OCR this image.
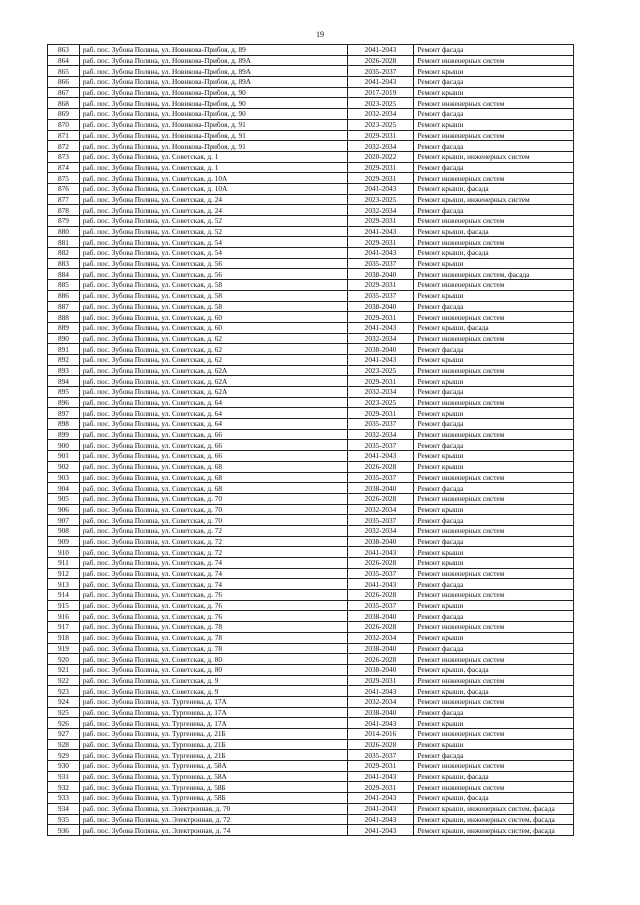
19
863	раб. пос. Зубова Поляна, ул. Новикова-Прибоя, д. 89	2041-2043	Ремонт фасада
864	раб. пос. Зубова Поляна, ул. Новикова-Прибоя, д. 89А	2026-2028	Ремонт инженерных систем
865	раб. пос. Зубова Поляна, ул. Новикова-Прибоя, д. 89А	2035-2037	Ремонт крыши
866	раб. пос. Зубова Поляна, ул. Новикова-Прибоя, д. 89А	2041-2043	Ремонт фасада
867	раб. пос. Зубова Поляна, ул. Новикова-Прибоя, д. 90	2017-2019	Ремонт крыши
868	раб. пос. Зубова Поляна, ул. Новикова-Прибоя, д. 90	2023-2025	Ремонт инженерных систем
869	раб. пос. Зубова Поляна, ул. Новикова-Прибоя, д. 90	2032-2034	Ремонт фасада
870	раб. пос. Зубова Поляна, ул. Новикова-Прибоя, д. 91	2023-2025	Ремонт крыши
871	раб. пос. Зубова Поляна, ул. Новикова-Прибоя, д. 91	2029-2031	Ремонт инженерных систем
872	раб. пос. Зубова Поляна, ул. Новикова-Прибоя, д. 91	2032-2034	Ремонт фасада
873	раб. пос. Зубова Поляна, ул. Советская, д. 1	2020-2022	Ремонт крыши, инженерных систем
874	раб. пос. Зубова Поляна, ул. Советская, д. 1	2029-2031	Ремонт фасада
875	раб. пос. Зубова Поляна, ул. Советская, д. 10А	2029-2031	Ремонт инженерных систем
876	раб. пос. Зубова Поляна, ул. Советская, д. 10А	2041-2043	Ремонт крыши, фасада
877	раб. пос. Зубова Поляна, ул. Советская, д. 24	2023-2025	Ремонт крыши, инженерных систем
878	раб. пос. Зубова Поляна, ул. Советская, д. 24	2032-2034	Ремонт фасада
879	раб. пос. Зубова Поляна, ул. Советская, д. 52	2029-2031	Ремонт инженерных систем
880	раб. пос. Зубова Поляна, ул. Советская, д. 52	2041-2043	Ремонт крыши, фасада
881	раб. пос. Зубова Поляна, ул. Советская, д. 54	2029-2031	Ремонт инженерных систем
882	раб. пос. Зубова Поляна, ул. Советская, д. 54	2041-2043	Ремонт крыши, фасада
883	раб. пос. Зубова Поляна, ул. Советская, д. 56	2035-2037	Ремонт крыши
884	раб. пос. Зубова Поляна, ул. Советская, д. 56	2038-2040	Ремонт инженерных систем, фасада
885	раб. пос. Зубова Поляна, ул. Советская, д. 58	2029-2031	Ремонт инженерных систем
886	раб. пос. Зубова Поляна, ул. Советская, д. 58	2035-2037	Ремонт крыши
887	раб. пос. Зубова Поляна, ул. Советская, д. 58	2038-2040	Ремонт фасада
888	раб. пос. Зубова Поляна, ул. Советская, д. 60	2029-2031	Ремонт инженерных систем
889	раб. пос. Зубова Поляна, ул. Советская, д. 60	2041-2043	Ремонт крыши, фасада
890	раб. пос. Зубова Поляна, ул. Советская, д. 62	2032-2034	Ремонт инженерных систем
891	раб. пос. Зубова Поляна, ул. Советская, д. 62	2038-2040	Ремонт фасада
892	раб. пос. Зубова Поляна, ул. Советская, д. 62	2041-2043	Ремонт крыши
893	раб. пос. Зубова Поляна, ул. Советская, д. 62А	2023-2025	Ремонт инженерных систем
894	раб. пос. Зубова Поляна, ул. Советская, д. 62А	2029-2031	Ремонт крыши
895	раб. пос. Зубова Поляна, ул. Советская, д. 62А	2032-2034	Ремонт фасада
896	раб. пос. Зубова Поляна, ул. Советская, д. 64	2023-2025	Ремонт инженерных систем
897	раб. пос. Зубова Поляна, ул. Советская, д. 64	2029-2031	Ремонт крыши
898	раб. пос. Зубова Поляна, ул. Советская, д. 64	2035-2037	Ремонт фасада
899	раб. пос. Зубова Поляна, ул. Советская, д. 66	2032-2034	Ремонт инженерных систем
900	раб. пос. Зубова Поляна, ул. Советская, д. 66	2035-2037	Ремонт фасада
901	раб. пос. Зубова Поляна, ул. Советская, д. 66	2041-2043	Ремонт крыши
902	раб. пос. Зубова Поляна, ул. Советская, д. 68	2026-2028	Ремонт крыши
903	раб. пос. Зубова Поляна, ул. Советская, д. 68	2035-2037	Ремонт инженерных систем
904	раб. пос. Зубова Поляна, ул. Советская, д. 68	2038-2040	Ремонт фасада
905	раб. пос. Зубова Поляна, ул. Советская, д. 70	2026-2028	Ремонт инженерных систем
906	раб. пос. Зубова Поляна, ул. Советская, д. 70	2032-2034	Ремонт крыши
907	раб. пос. Зубова Поляна, ул. Советская, д. 70	2035-2037	Ремонт фасада
908	раб. пос. Зубова Поляна, ул. Советская, д. 72	2032-2034	Ремонт инженерных систем
909	раб. пос. Зубова Поляна, ул. Советская, д. 72	2038-2040	Ремонт фасада
910	раб. пос. Зубова Поляна, ул. Советская, д. 72	2041-2043	Ремонт крыши
911	раб. пос. Зубова Поляна, ул. Советская, д. 74	2026-2028	Ремонт крыши
912	раб. пос. Зубова Поляна, ул. Советская, д. 74	2035-2037	Ремонт инженерных систем
913	раб. пос. Зубова Поляна, ул. Советская, д. 74	2041-2043	Ремонт фасада
914	раб. пос. Зубова Поляна, ул. Советская, д. 76	2026-2028	Ремонт инженерных систем
915	раб. пос. Зубова Поляна, ул. Советская, д. 76	2035-2037	Ремонт крыши
916	раб. пос. Зубова Поляна, ул. Советская, д. 76	2038-2040	Ремонт фасада
917	раб. пос. Зубова Поляна, ул. Советская, д. 78	2026-2028	Ремонт инженерных систем
918	раб. пос. Зубова Поляна, ул. Советская, д. 78	2032-2034	Ремонт крыши
919	раб. пос. Зубова Поляна, ул. Советская, д. 78	2038-2040	Ремонт фасада
920	раб. пос. Зубова Поляна, ул. Советская, д. 80	2026-2028	Ремонт инженерных систем
921	раб. пос. Зубова Поляна, ул. Советская, д. 80	2038-2040	Ремонт крыши, фасада
922	раб. пос. Зубова Поляна, ул. Советская, д. 9	2029-2031	Ремонт инженерных систем
923	раб. пос. Зубова Поляна, ул. Советская, д. 9	2041-2043	Ремонт крыши, фасада
924	раб. пос. Зубова Поляна, ул. Тургенева, д. 17А	2032-2034	Ремонт инженерных систем
925	раб. пос. Зубова Поляна, ул. Тургенева, д. 17А	2038-2040	Ремонт фасада
926	раб. пос. Зубова Поляна, ул. Тургенева, д. 17А	2041-2043	Ремонт крыши
927	раб. пос. Зубова Поляна, ул. Тургенева, д. 21Б	2014-2016	Ремонт инженерных систем
928	раб. пос. Зубова Поляна, ул. Тургенева, д. 21Б	2026-2028	Ремонт крыши
929	раб. пос. Зубова Поляна, ул. Тургенева, д. 21Б	2035-2037	Ремонт фасада
930	раб. пос. Зубова Поляна, ул. Тургенева, д. 58А	2029-2031	Ремонт инженерных систем
931	раб. пос. Зубова Поляна, ул. Тургенева, д. 58А	2041-2043	Ремонт крыши, фасада
932	раб. пос. Зубова Поляна, ул. Тургенева, д. 58Б	2029-2031	Ремонт инженерных систем
933	раб. пос. Зубова Поляна, ул. Тургенева, д. 58Б	2041-2043	Ремонт крыши, фасада
934	раб. пос. Зубова Поляна, ул. Электронная, д. 70	2041-2043	Ремонт крыши, инженерных систем, фасада
935	раб. пос. Зубова Поляна, ул. Электронная, д. 72	2041-2043	Ремонт крыши, инженерных систем, фасада
936	раб. пос. Зубова Поляна, ул. Электронная, д. 74	2041-2043	Ремонт крыши, инженерных систем, фасада
